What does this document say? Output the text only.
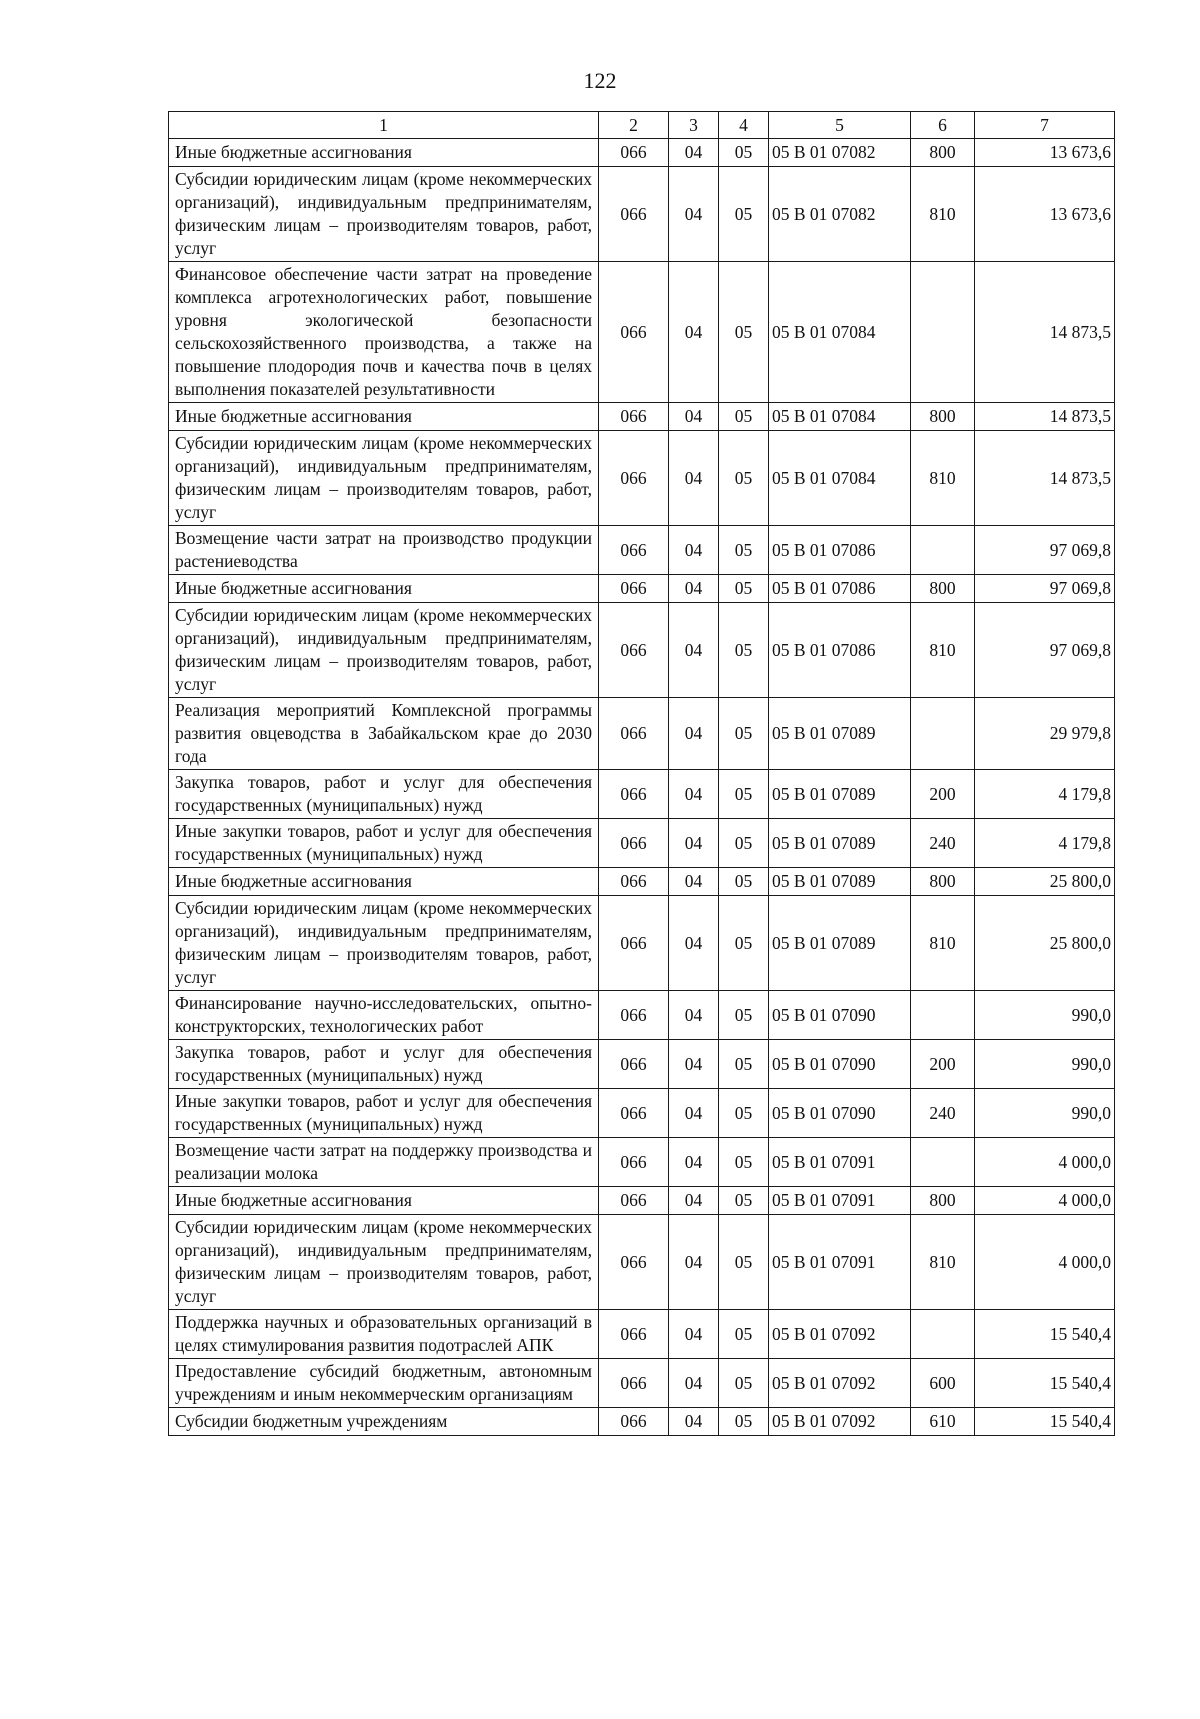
122
1	2	3	4	5	6	7
Иные бюджетные ассигнования	066	04	05	05 В 01 07082	800	13 673,6
Субсидии юридическим лицам (кроме некоммерческих организаций), индивидуальным предпринимателям, физическим лицам – производителям товаров, работ, услуг	066	04	05	05 В 01 07082	810	13 673,6
Финансовое обеспечение части затрат на проведение комплекса агротехнологических работ, повышение уровня экологической безопасности сельскохозяйственного производства, а также на повышение плодородия почв и качества почв в целях выполнения показателей результативности	066	04	05	05 В 01 07084		14 873,5
Иные бюджетные ассигнования	066	04	05	05 В 01 07084	800	14 873,5
Субсидии юридическим лицам (кроме некоммерческих организаций), индивидуальным предпринимателям, физическим лицам – производителям товаров, работ, услуг	066	04	05	05 В 01 07084	810	14 873,5
Возмещение части затрат на производство продукции растениеводства	066	04	05	05 В 01 07086		97 069,8
Иные бюджетные ассигнования	066	04	05	05 В 01 07086	800	97 069,8
Субсидии юридическим лицам (кроме некоммерческих организаций), индивидуальным предпринимателям, физическим лицам – производителям товаров, работ, услуг	066	04	05	05 В 01 07086	810	97 069,8
Реализация мероприятий Комплексной программы развития овцеводства в Забайкальском крае до 2030 года	066	04	05	05 В 01 07089		29 979,8
Закупка товаров, работ и услуг для обеспечения государственных (муниципальных) нужд	066	04	05	05 В 01 07089	200	4 179,8
Иные закупки товаров, работ и услуг для обеспечения государственных (муниципальных) нужд	066	04	05	05 В 01 07089	240	4 179,8
Иные бюджетные ассигнования	066	04	05	05 В 01 07089	800	25 800,0
Субсидии юридическим лицам (кроме некоммерческих организаций), индивидуальным предпринимателям, физическим лицам – производителям товаров, работ, услуг	066	04	05	05 В 01 07089	810	25 800,0
Финансирование научно-исследовательских, опытно-конструкторских, технологических работ	066	04	05	05 В 01 07090		990,0
Закупка товаров, работ и услуг для обеспечения государственных (муниципальных) нужд	066	04	05	05 В 01 07090	200	990,0
Иные закупки товаров, работ и услуг для обеспечения государственных (муниципальных) нужд	066	04	05	05 В 01 07090	240	990,0
Возмещение части затрат на поддержку производства и реализации молока	066	04	05	05 В 01 07091		4 000,0
Иные бюджетные ассигнования	066	04	05	05 В 01 07091	800	4 000,0
Субсидии юридическим лицам (кроме некоммерческих организаций), индивидуальным предпринимателям, физическим лицам – производителям товаров, работ, услуг	066	04	05	05 В 01 07091	810	4 000,0
Поддержка научных и образовательных организаций в целях стимулирования развития подотраслей АПК	066	04	05	05 В 01 07092		15 540,4
Предоставление субсидий бюджетным, автономным учреждениям и иным некоммерческим организациям	066	04	05	05 В 01 07092	600	15 540,4
Субсидии бюджетным учреждениям	066	04	05	05 В 01 07092	610	15 540,4
